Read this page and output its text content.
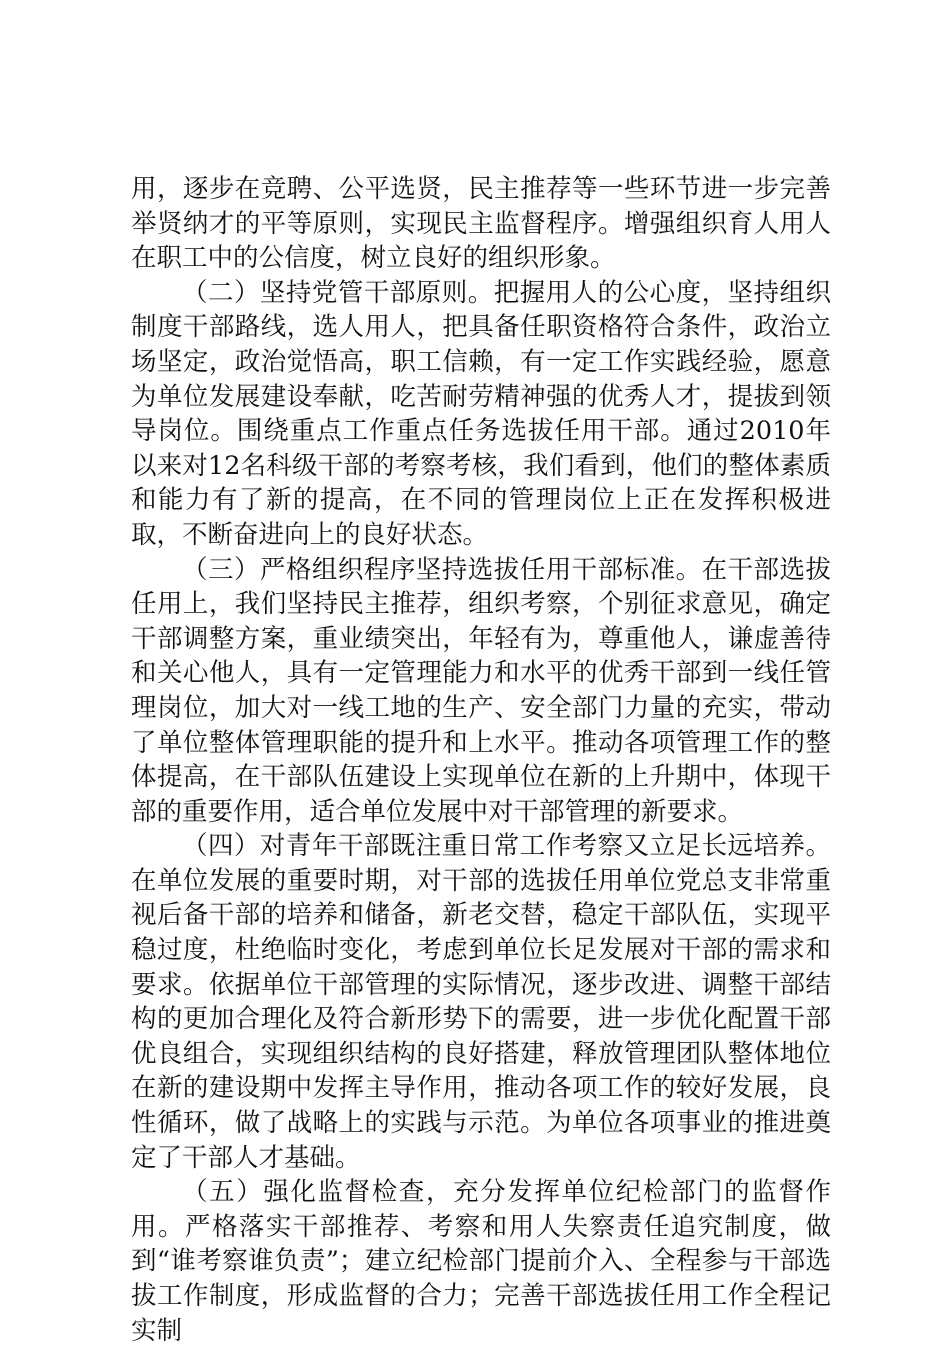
用，逐步在竞聘、公平选贤，民主推荐等一些环节进一步完善举贤纳才的平等原则，实现民主监督程序。增强组织育人用人在职工中的公信度，树立良好的组织形象。

（二）坚持党管干部原则。把握用人的公心度，坚持组织制度干部路线，选人用人，把具备任职资格符合条件，政治立场坚定，政治觉悟高，职工信赖，有一定工作实践经验，愿意为单位发展建设奉献，吃苦耐劳精神强的优秀人才，提拔到领导岗位。围绕重点工作重点任务选拔任用干部。通过2010年以来对12名科级干部的考察考核，我们看到，他们的整体素质和能力有了新的提高，在不同的管理岗位上正在发挥积极进取，不断奋进向上的良好状态。

（三）严格组织程序坚持选拔任用干部标准。在干部选拔任用上，我们坚持民主推荐，组织考察，个别征求意见，确定干部调整方案，重业绩突出，年轻有为，尊重他人，谦虚善待和关心他人，具有一定管理能力和水平的优秀干部到一线任管理岗位，加大对一线工地的生产、安全部门力量的充实，带动了单位整体管理职能的提升和上水平。推动各项管理工作的整体提高，在干部队伍建设上实现单位在新的上升期中，体现干部的重要作用，适合单位发展中对干部管理的新要求。

（四）对青年干部既注重日常工作考察又立足长远培养。在单位发展的重要时期，对干部的选拔任用单位党总支非常重视后备干部的培养和储备，新老交替，稳定干部队伍，实现平稳过度，杜绝临时变化，考虑到单位长足发展对干部的需求和要求。依据单位干部管理的实际情况，逐步改进、调整干部结构的更加合理化及符合新形势下的需要，进一步优化配置干部优良组合，实现组织结构的良好搭建，释放管理团队整体地位在新的建设期中发挥主导作用，推动各项工作的较好发展，良性循环，做了战略上的实践与示范。为单位各项事业的推进奠定了干部人才基础。

（五）强化监督检查，充分发挥单位纪检部门的监督作用。严格落实干部推荐、考察和用人失察责任追究制度，做到“谁考察谁负责”；建立纪检部门提前介入、全程参与干部选拔工作制度，形成监督的合力；完善干部选拔任用工作全程记实制
